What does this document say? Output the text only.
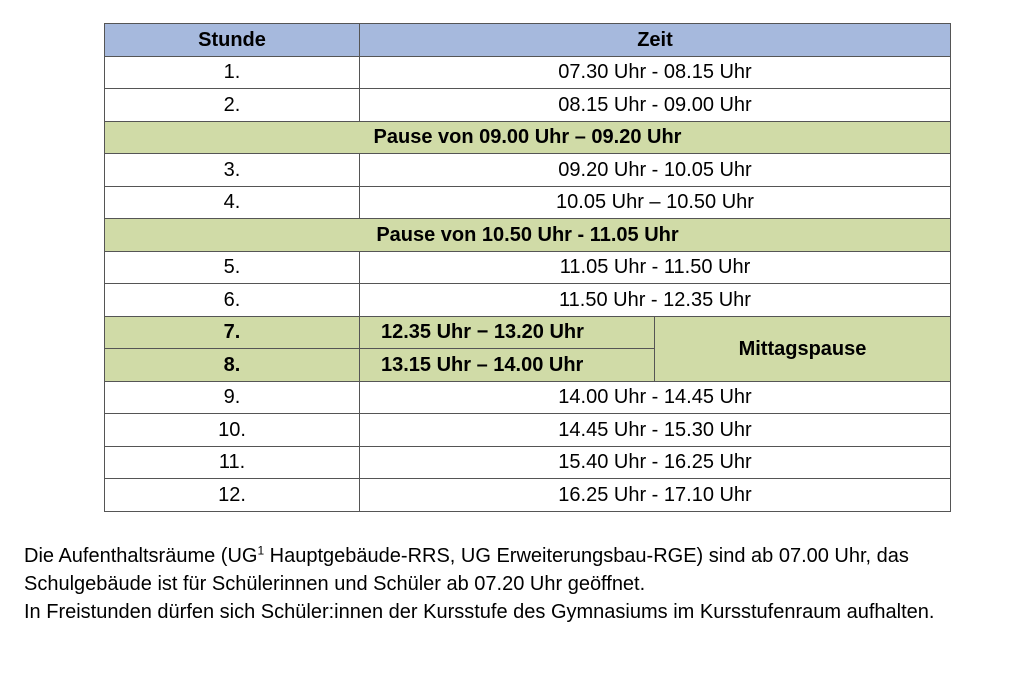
Stunde	Zeit	
1.	07.30 Uhr - 08.15 Uhr	
2.	08.15 Uhr - 09.00 Uhr	
Pause von 09.00 Uhr – 09.20 Uhr		
3.	09.20 Uhr - 10.05 Uhr	
4.	10.05 Uhr – 10.50 Uhr	
Pause von 10.50 Uhr - 11.05 Uhr		
5.	11.05 Uhr - 11.50 Uhr	
6.	11.50 Uhr - 12.35 Uhr	
7.	12.35 Uhr − 13.20 Uhr	Mittagspause
8.	13.15 Uhr – 14.00 Uhr	
9.	14.00 Uhr - 14.45 Uhr	
10.	14.45 Uhr - 15.30 Uhr	
11.	15.40 Uhr - 16.25 Uhr	
12.	16.25 Uhr - 17.10 Uhr	

Die Aufenthaltsräume ($UG^1$ Hauptgebäude-RRS, UG Erweiterungsbau-RGE) sind ab 07.00 Uhr, das Schulgebäude ist für Schülerinnen und Schüler ab 07.20 Uhr geöffnet.

In Freistunden dürfen sich Schüler:innen der Kursstufe des Gymnasiums im Kursstufenraum aufhalten.
